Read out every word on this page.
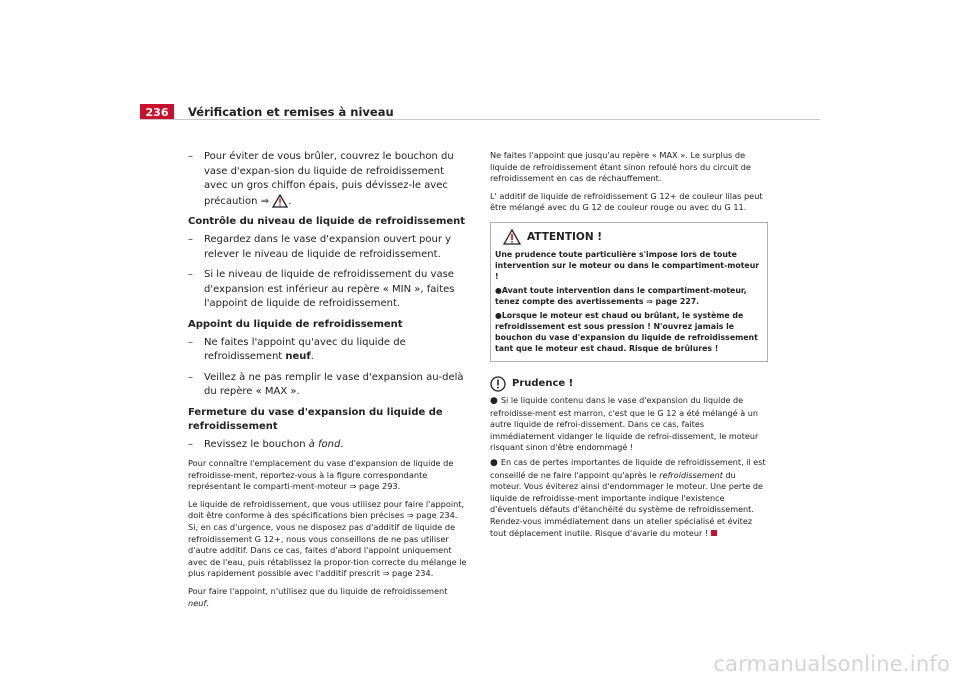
236	Vérification et remises à niveau
– Pour éviter de vous brûler, couvrez le bouchon du vase d'expan-sion du liquide de refroidissement avec un gros chiffon épais, puis dévissez-le avec précaution ⇒ .
Contrôle du niveau de liquide de refroidissement
– Regardez dans le vase d'expansion ouvert pour y relever le niveau de liquide de refroidissement.
– Si le niveau de liquide de refroidissement du vase d'expansion est inférieur au repère « MIN », faites l'appoint de liquide de refroidissement.
Appoint du liquide de refroidissement
– Ne faites l'appoint qu'avec du liquide de refroidissement neuf.
– Veillez à ne pas remplir le vase d'expansion au-delà du repère « MAX ».
Fermeture du vase d'expansion du liquide de refroidissement
– Revissez le bouchon à fond.

Pour connaître l'emplacement du vase d'expansion de liquide de refroidisse-ment, reportez-vous à la figure correspondante représentant le comparti-ment-moteur ⇒ page 293.

Le liquide de refroidissement, que vous utilisez pour faire l'appoint, doit être conforme à des spécifications bien précises ⇒ page 234. Si, en cas d'urgence, vous ne disposez pas d'additif de liquide de refroidissement G 12+, nous vous conseillons de ne pas utiliser d'autre additif. Dans ce cas, faites d'abord l'appoint uniquement avec de l'eau, puis rétablissez la propor-tion correcte du mélange le plus rapidement possible avec l'additif prescrit ⇒ page 234.

Pour faire l'appoint, n'utilisez que du liquide de refroidissement neuf.

Ne faites l'appoint que jusqu'au repère « MAX ». Le surplus de liquide de refroidissement étant sinon refoulé hors du circuit de refroidissement en cas de réchauffement.

L' additif de liquide de refroidissement G 12+ de couleur lilas peut être mélangé avec du G 12 de couleur rouge ou avec du G 11.

ATTENTION !

Une prudence toute particulière s'impose lors de toute intervention sur le moteur ou dans le compartiment-moteur !

●Avant toute intervention dans le compartiment-moteur, tenez compte des avertissements ⇒ page 227.

●Lorsque le moteur est chaud ou brûlant, le système de refroidissement est sous pression ! N'ouvrez jamais le bouchon du vase d'expansion du liquide de refroidissement tant que le moteur est chaud. Risque de brûlures !

Prudence !

● Si le liquide contenu dans le vase d'expansion du liquide de refroidisse-ment est marron, c'est que le G 12 a été mélangé à un autre liquide de refroi-dissement. Dans ce cas, faites immédiatement vidanger le liquide de refroi-dissement, le moteur risquant sinon d'être endommagé !

● En cas de pertes importantes de liquide de refroidissement, il est conseillé de ne faire l'appoint qu'après le refroidissement du moteur. Vous éviterez ainsi d'endommager le moteur. Une perte de liquide de refroidisse-ment importante indique l'existence d'éventuels défauts d'étanchéité du système de refroidissement. Rendez-vous immédiatement dans un atelier spécialisé et évitez tout déplacement inutile. Risque d'avarie du moteur !

carmanualsonline.info
